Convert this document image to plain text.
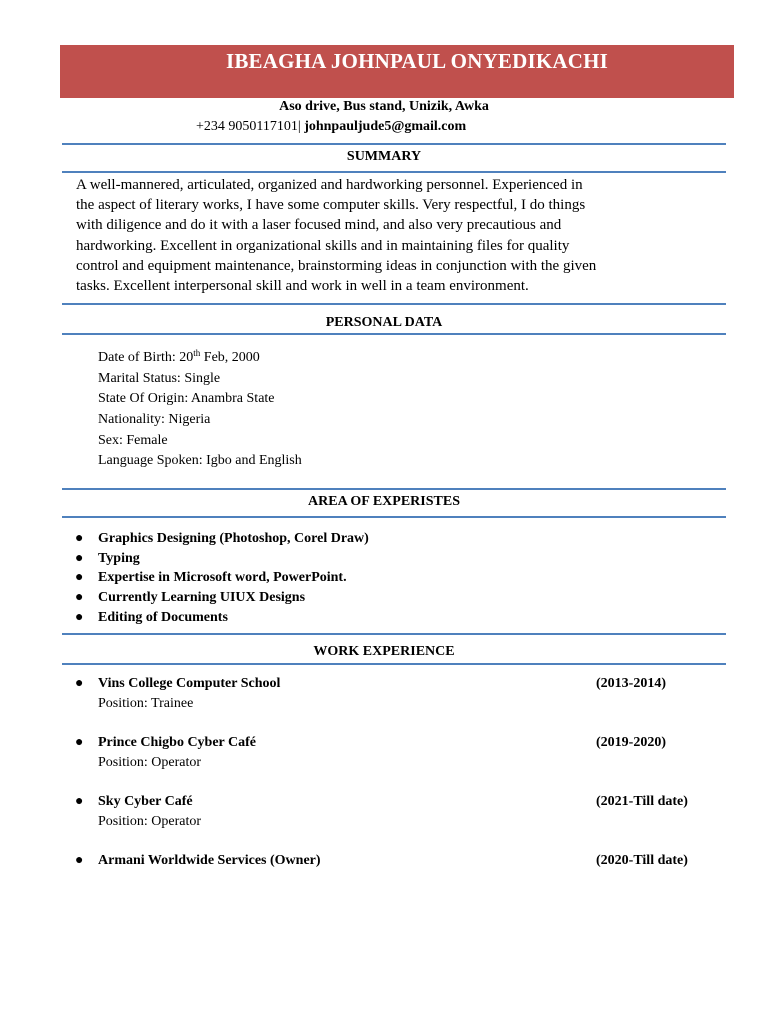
IBEAGHA JOHNPAUL ONYEDIKACHI
Aso drive, Bus stand, Unizik, Awka
+234 9050117101| johnpauljude5@gmail.com
SUMMARY
A well-mannered, articulated, organized and hardworking personnel. Experienced in
the aspect of literary works, I have some computer skills. Very respectful, I do things
with diligence and do it with a laser focused mind, and also very precautious and
hardworking. Excellent in organizational skills and in maintaining files for quality
control and equipment maintenance, brainstorming ideas in conjunction with the given
tasks. Excellent interpersonal skill and work in well in a team environment.
PERSONAL DATA
Date of Birth: 20th Feb, 2000
Marital Status: Single
State Of Origin: Anambra State
Nationality: Nigeria
Sex: Female
Language Spoken: Igbo and English
AREA OF EXPERISTES
● Graphics Designing (Photoshop, Corel Draw)
● Typing
● Expertise in Microsoft word, PowerPoint.
● Currently Learning UIUX Designs
● Editing of Documents
WORK EXPERIENCE
● Vins College Computer School	(2013-2014)
Position: Trainee
● Prince Chigbo Cyber Café	(2019-2020)
Position: Operator
● Sky Cyber Café	(2021-Till date)
Position: Operator
● Armani Worldwide Services (Owner)	(2020-Till date)
